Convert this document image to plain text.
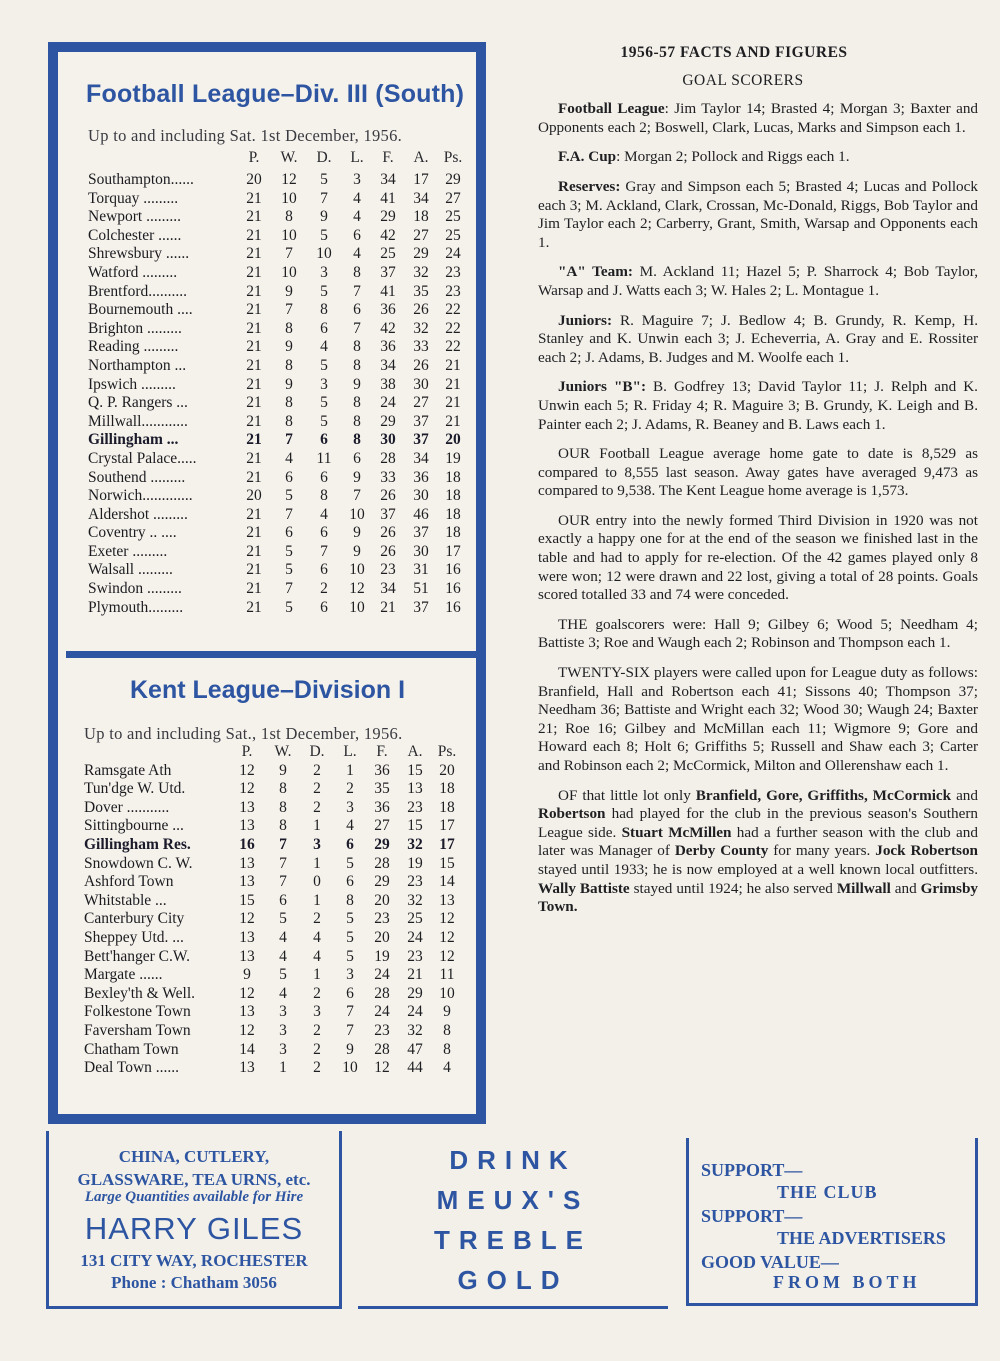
Football League–Div. III (South)
Up to and including Sat. 1st December, 1956.
	P.	W.	D.	L.	F.	A.	Ps.
Southampton......	20	12	5	3	34	17	29
Torquay .........	21	10	7	4	41	34	27
Newport .........	21	8	9	4	29	18	25
Colchester ......	21	10	5	6	42	27	25
Shrewsbury ......	21	7	10	4	25	29	24
Watford .........	21	10	3	8	37	32	23
Brentford..........	21	9	5	7	41	35	23
Bournemouth ....	21	7	8	6	36	26	22
Brighton .........	21	8	6	7	42	32	22
Reading .........	21	9	4	8	36	33	22
Northampton ...	21	8	5	8	34	26	21
Ipswich .........	21	9	3	9	38	30	21
Q. P. Rangers ...	21	8	5	8	24	27	21
Millwall............	21	8	5	8	29	37	21
Gillingham ...	21	7	6	8	30	37	20
Crystal Palace.....	21	4	11	6	28	34	19
Southend .........	21	6	6	9	33	36	18
Norwich.............	20	5	8	7	26	30	18
Aldershot .........	21	7	4	10	37	46	18
Coventry .. ....	21	6	6	9	26	37	18
Exeter .........	21	5	7	9	26	30	17
Walsall .........	21	5	6	10	23	31	16
Swindon .........	21	7	2	12	34	51	16
Plymouth.........	21	5	6	10	21	37	16
Kent League–Division I
Up to and including Sat., 1st December, 1956.
	P.	W.	D.	L.	F.	A.	Ps.
Ramsgate Ath	12	9	2	1	36	15	20
Tun'dge W. Utd.	12	8	2	2	35	13	18
Dover ...........	13	8	2	3	36	23	18
Sittingbourne ...	13	8	1	4	27	15	17
Gillingham Res.	16	7	3	6	29	32	17
Snowdown C. W.	13	7	1	5	28	19	15
Ashford Town	13	7	0	6	29	23	14
Whitstable ...	15	6	1	8	20	32	13
Canterbury City	12	5	2	5	23	25	12
Sheppey Utd. ...	13	4	4	5	20	24	12
Bett'hanger C.W.	13	4	4	5	19	23	12
Margate ......	9	5	1	3	24	21	11
Bexley'th & Well.	12	4	2	6	28	29	10
Folkestone Town	13	3	3	7	24	24	9
Faversham Town	12	3	2	7	23	32	8
Chatham Town	14	3	2	9	28	47	8
Deal Town ......	13	1	2	10	12	44	4
1956-57 FACTS AND FIGURES
GOAL SCORERS

Football League: Jim Taylor 14; Brasted 4; Morgan 3; Baxter and Opponents each 2; Boswell, Clark, Lucas, Marks and Simpson each 1.

F.A. Cup: Morgan 2; Pollock and Riggs each 1.

Reserves: Gray and Simpson each 5; Brasted 4; Lucas and Pollock each 3; M. Ackland, Clark, Crossan, Mc-Donald, Riggs, Bob Taylor and Jim Taylor each 2; Carberry, Grant, Smith, Warsap and Opponents each 1.

"A" Team: M. Ackland 11; Hazel 5; P. Sharrock 4; Bob Taylor, Warsap and J. Watts each 3; W. Hales 2; L. Montague 1.

Juniors: R. Maguire 7; J. Bedlow 4; B. Grundy, R. Kemp, H. Stanley and K. Unwin each 3; J. Echeverria, A. Gray and E. Rossiter each 2; J. Adams, B. Judges and M. Woolfe each 1.

Juniors "B": B. Godfrey 13; David Taylor 11; J. Relph and K. Unwin each 5; R. Friday 4; R. Maguire 3; B. Grundy, K. Leigh and B. Painter each 2; J. Adams, R. Beaney and B. Laws each 1.

OUR Football League average home gate to date is 8,529 as compared to 8,555 last season. Away gates have averaged 9,473 as compared to 9,538. The Kent League home average is 1,573.

OUR entry into the newly formed Third Division in 1920 was not exactly a happy one for at the end of the season we finished last in the table and had to apply for re-election. Of the 42 games played only 8 were won; 12 were drawn and 22 lost, giving a total of 28 points. Goals scored totalled 33 and 74 were conceded.

THE goalscorers were: Hall 9; Gilbey 6; Wood 5; Needham 4; Battiste 3; Roe and Waugh each 2; Robinson and Thompson each 1.

TWENTY-SIX players were called upon for League duty as follows: Branfield, Hall and Robertson each 41; Sissons 40; Thompson 37; Needham 36; Battiste and Wright each 32; Wood 30; Waugh 24; Baxter 21; Roe 16; Gilbey and McMillan each 11; Wigmore 9; Gore and Howard each 8; Holt 6; Griffiths 5; Russell and Shaw each 3; Carter and Robinson each 2; McCormick, Milton and Ollerenshaw each 1.

OF that little lot only Branfield, Gore, Griffiths, McCormick and Robertson had played for the club in the previous season's Southern League side. Stuart McMillen had a further season with the club and later was Manager of Derby County for many years. Jock Robertson stayed until 1933; he is now employed at a well known local outfitters. Wally Battiste stayed until 1924; he also served Millwall and Grimsby Town.

CHINA, CUTLERY,
GLASSWARE, TEA URNS, etc.
Large Quantities available for Hire
HARRY GILES
131 CITY WAY, ROCHESTER
Phone : Chatham 3056
DRINK
MEUX'S
TREBLE
GOLD
SUPPORT—
THE CLUB
SUPPORT—
THE ADVERTISERS
GOOD VALUE—
FROM BOTH
